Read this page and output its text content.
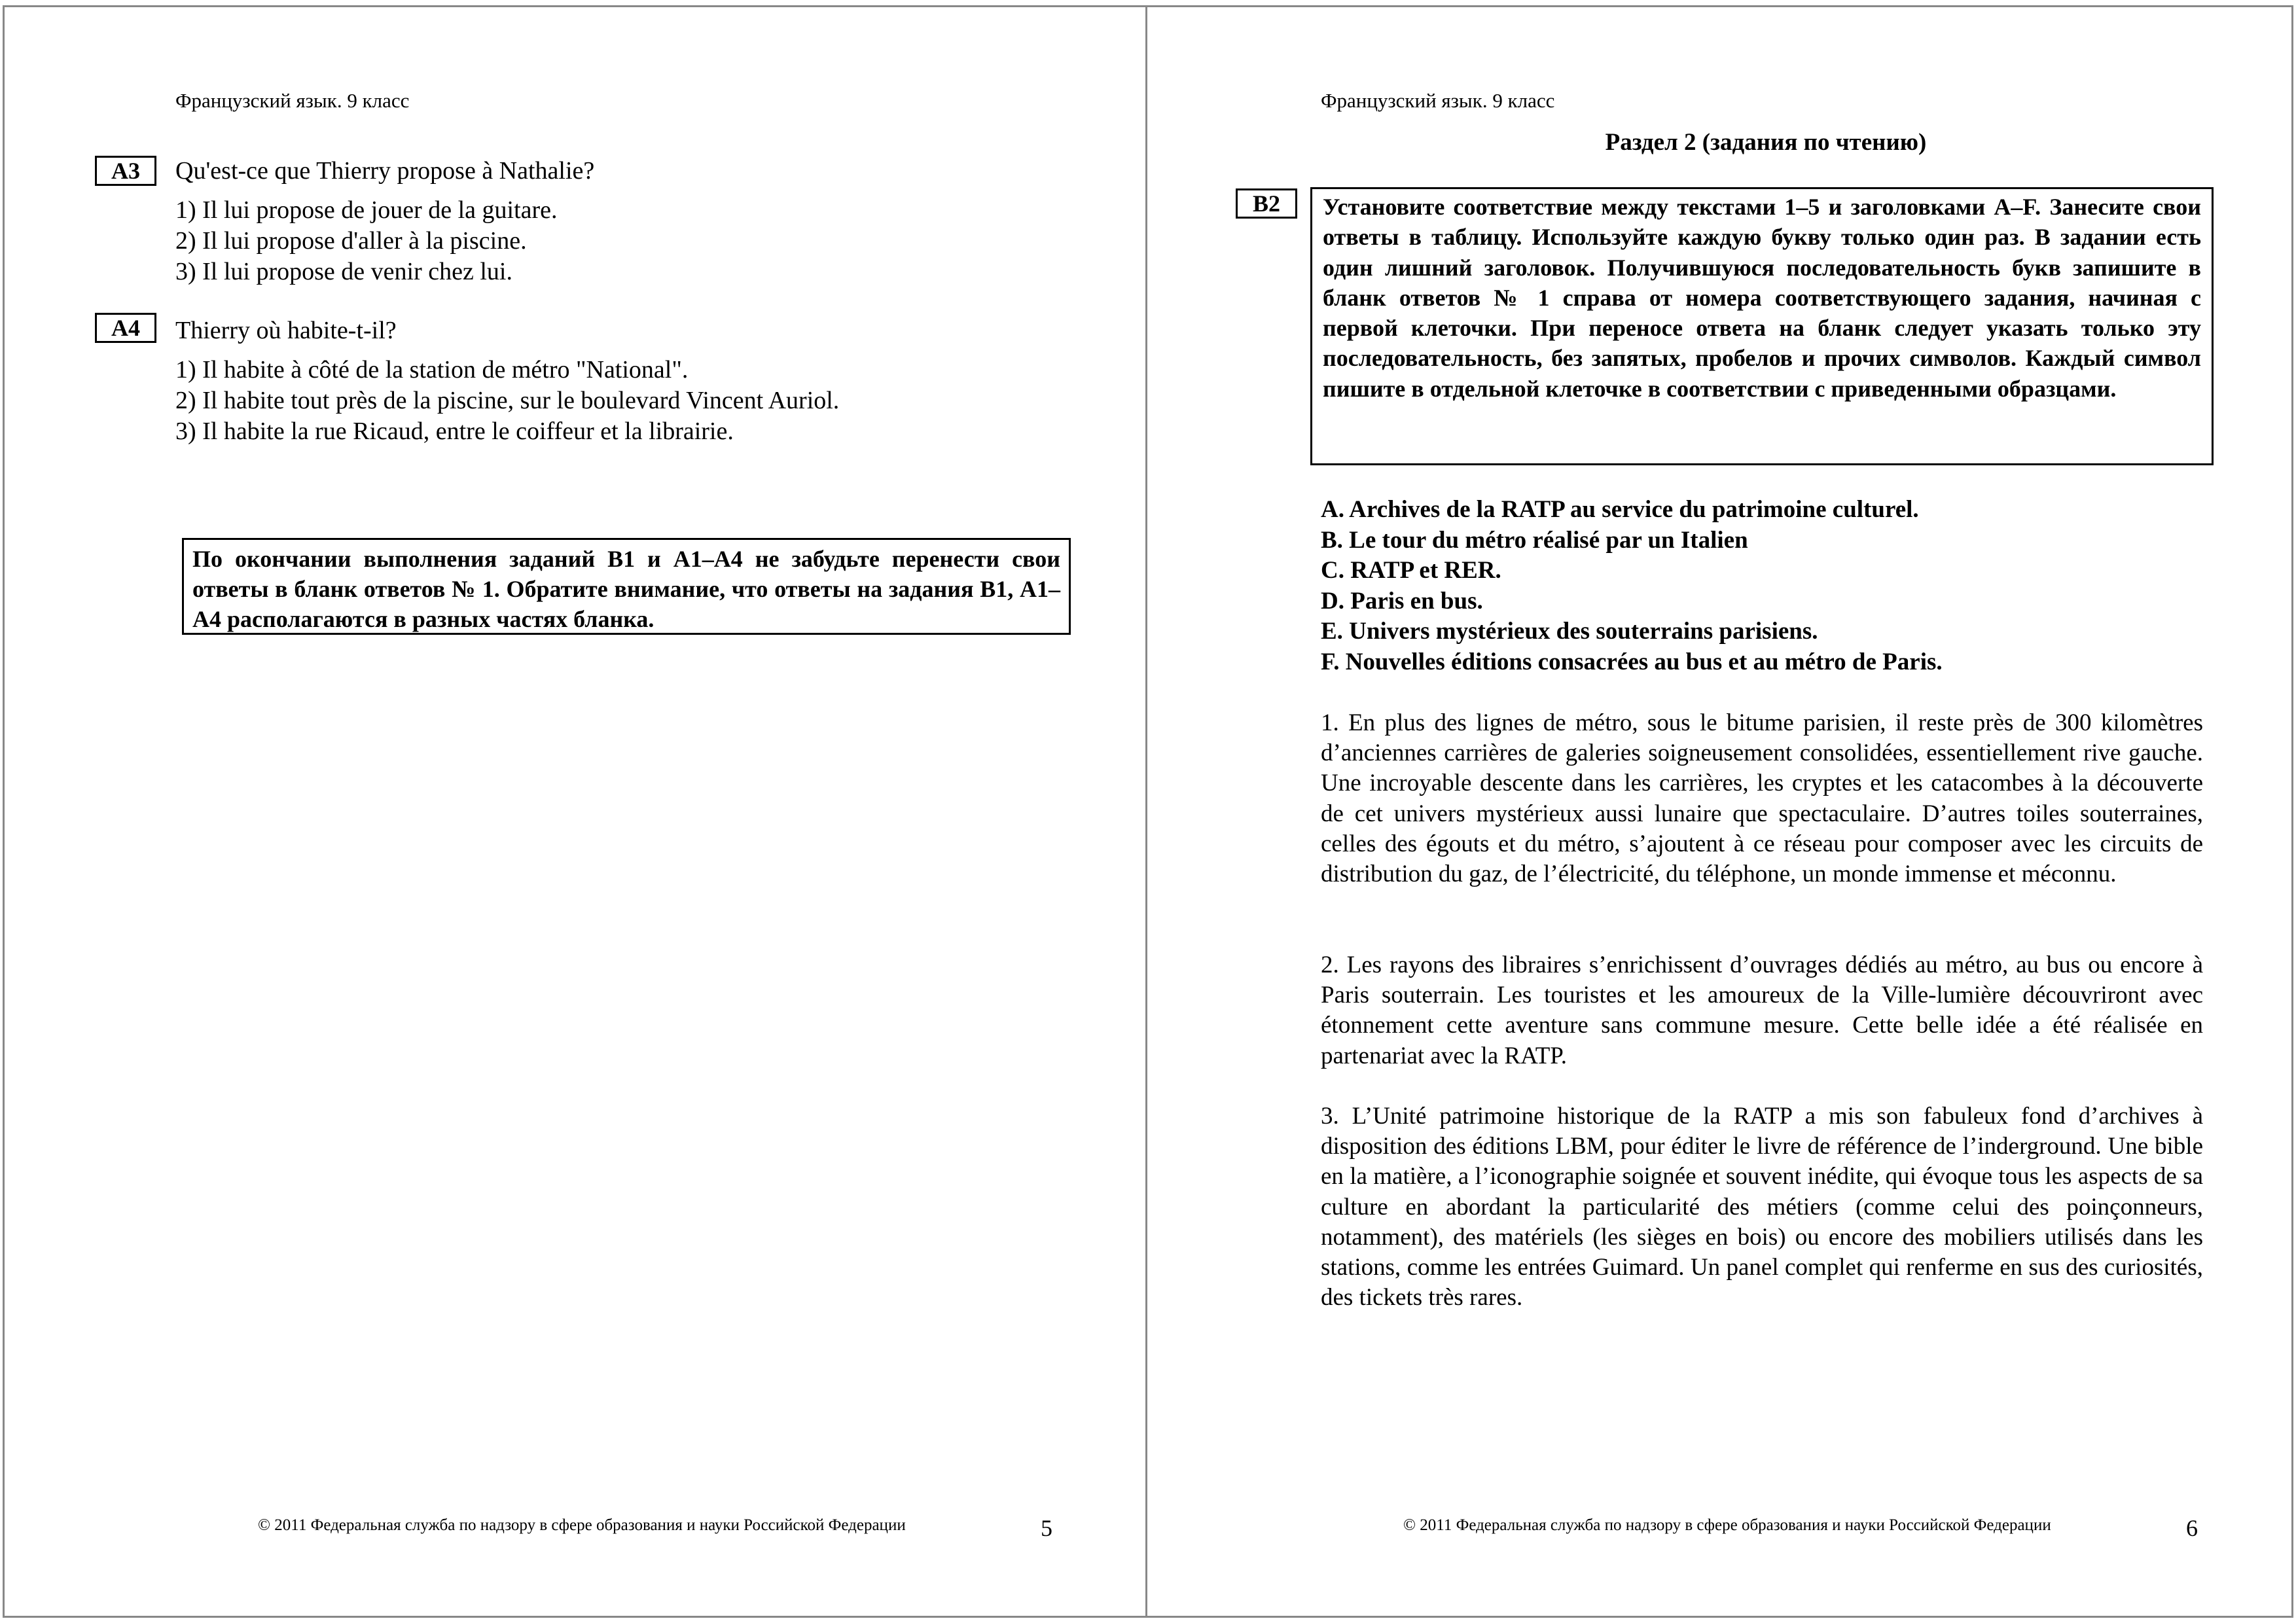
Французский язык. 9 класс
A3	Qu'est-ce que Thierry propose à Nathalie?
1) Il lui propose de jouer de la guitare.
2) Il lui propose d'aller à la piscine.
3) Il lui propose de venir chez lui.
A4	Thierry où habite-t-il?
1) Il habite à côté de la station de métro "National".
2) Il habite tout près de la piscine, sur le boulevard Vincent Auriol.
3) Il habite la rue Ricaud, entre le coiffeur et la librairie.
По окончании выполнения заданий В1 и А1–А4 не забудьте перенести свои ответы в бланк ответов № 1. Обратите внимание, что ответы на задания В1, А1–А4 располагаются в разных частях бланка.
© 2011 Федеральная служба по надзору в сфере образования и науки Российской Федерации	5
Французский язык. 9 класс
Раздел 2 (задания по чтению)
B2	Установите соответствие между текстами 1–5 и заголовками А–F. Занесите свои ответы в таблицу. Используйте каждую букву только один раз. В задании есть один лишний заголовок. Получившуюся последовательность букв запишите в бланк ответов № 1 справа от номера соответствующего задания, начиная с первой клеточки. При переносе ответа на бланк следует указать только эту последовательность, без запятых, пробелов и прочих символов. Каждый символ пишите в отдельной клеточке в соответствии с приведенными образцами.
A. Archives de la RATP au service du patrimoine culturel.
B. Le tour du métro réalisé par un Italien
C. RATP et RER.
D. Paris en bus.
E. Univers mystérieux des souterrains parisiens.
F. Nouvelles éditions consacrées au bus et au métro de Paris.
1. En plus des lignes de métro, sous le bitume parisien, il reste près de 300 kilomètres d’anciennes carrières de galeries soigneusement consolidées, essentiellement rive gauche. Une incroyable descente dans les carrières, les cryptes et les catacombes à la découverte de cet univers mystérieux aussi lunaire que spectaculaire. D’autres toiles souterraines, celles des égouts et du métro, s’ajoutent à ce réseau pour composer avec les circuits de distribution du gaz, de l’électricité, du téléphone, un monde immense et méconnu.
2. Les rayons des libraires s’enrichissent d’ouvrages dédiés au métro, au bus ou encore à Paris souterrain. Les touristes et les amoureux de la Ville-lumière découvriront avec étonnement cette aventure sans commune mesure. Cette belle idée a été réalisée en partenariat avec la RATP.
3. L’Unité patrimoine historique de la RATP a mis son fabuleux fond d’archives à disposition des éditions LBM, pour éditer le livre de référence de l’inderground. Une bible en la matière, a l’iconographie soignée et souvent inédite, qui évoque tous les aspects de sa culture en abordant la particularité des métiers (comme celui des poinçonneurs, notamment), des matériels (les sièges en bois) ou encore des mobiliers utilisés dans les stations, comme les entrées Guimard. Un panel complet qui renferme en sus des curiosités, des tickets très rares.
© 2011 Федеральная служба по надзору в сфере образования и науки Российской Федерации	6
